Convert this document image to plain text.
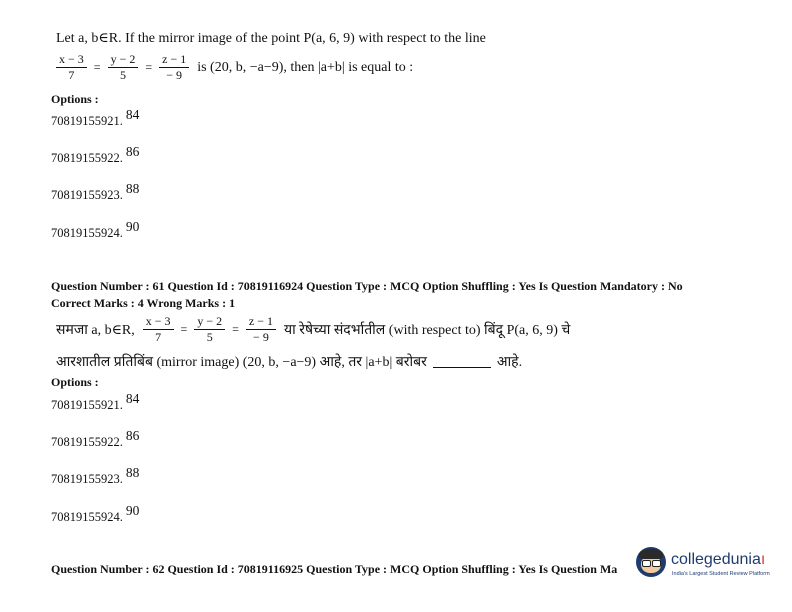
Let a, b∈R. If the mirror image of the point P(a, 6, 9) with respect to the line
$\frac{x - 3}{7} = \frac{y - 2}{5} = \frac{z - 1}{- 9}$ is (20, b, −a−9), then |a+b| is equal to :
Options :
70819155921. $^{84}$
70819155922. $^{86}$
70819155923. $^{88}$
70819155924. $^{90}$
Question Number : 61 Question Id : 70819116924 Question Type : MCQ Option Shuffling : Yes Is Question Mandatory : No
Correct Marks : 4 Wrong Marks : 1
समजा a, b∈R, $\frac{x - 3}{7} = \frac{y - 2}{5} = \frac{z - 1}{- 9}$ या रेषेच्या संदर्भातील (with respect to) बिंदू P(a, 6, 9) चे
आरशातील प्रतिबिंब (mirror image) (20, b, −a−9) आहे, तर |a+b| बरोबर	आहे.
Options :
70819155921. $^{84}$
70819155922. $^{86}$
70819155923. $^{88}$
70819155924. $^{90}$
Question Number : 62 Question Id : 70819116925 Question Type : MCQ Option Shuffling : Yes Is Question Ma
collegeduniaı
India's Largest Student Review Platform
